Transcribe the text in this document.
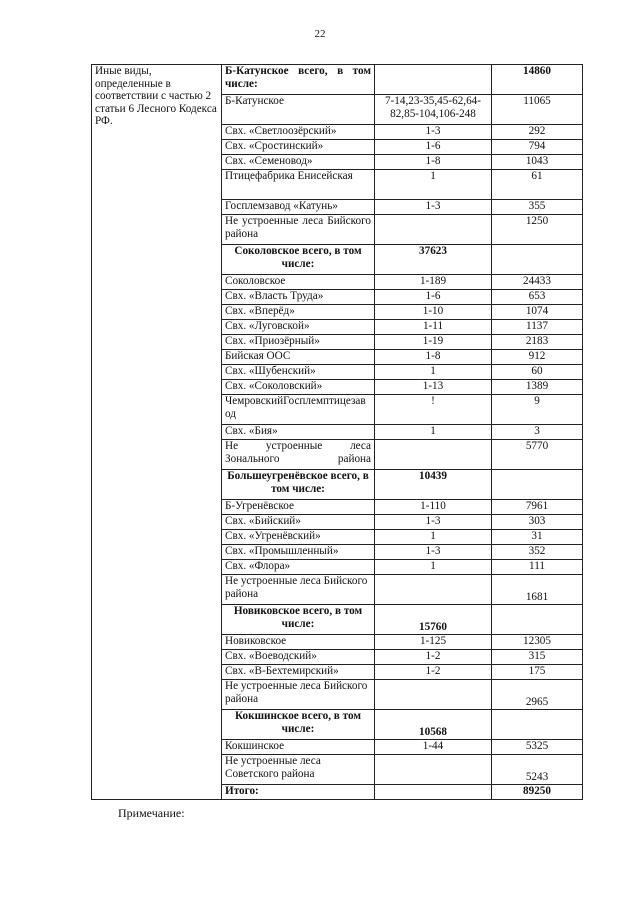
22
Иные виды, определенные в соответствии с частью 2 статьи 6 Лесного Кодекса РФ.	Б-Катунское всего, в том числе:		14860
	Б-Катунское	7-14,23-35,45-62,64-82,85-104,106-248	11065
	Свх. «Светлоозёрский»	1-3	292
	Свх. «Сростинский»	1-6	794
	Свх. «Семеновод»	1-8	1043
	Птицефабрика Енисейская	1	61
	Госплемзавод «Катунь»	1-3	355
	Не устроенные леса Бийского района		1250
	Соколовское всего, в том числе:	37623	
	Соколовское	1-189	24433
	Свх. «Власть Труда»	1-6	653
	Свх. «Вперёд»	1-10	1074
	Свх. «Луговской»	1-11	1137
	Свх. «Приозёрный»	1-19	2183
	Бийская ООС	1-8	912
	Свх. «Шубенский»	1	60
	Свх. «Соколовский»	1-13	1389
	ЧемровскийГосплемптицезавод	!	9
	Свх. «Бия»	1	3
	Не устроенные леса Зонального района		5770
	Большеугренёвское всего, в том числе:	10439	
	Б-Угренёвское	1-110	7961
	Свх. «Бийский»	1-3	303
	Свх. «Угренёвский»	1	31
	Свх. «Промышленный»	1-3	352
	Свх. «Флора»	1	111
	Не устроенные леса Бийского района		1681
	Новиковское всего, в том числе:	15760	
	Новиковское	1-125	12305
	Свх. «Воеводский»	1-2	315
	Свх. «В-Бехтемирский»	1-2	175
	Не устроенные леса Бийского района		2965
	Кокшинское всего, в том числе:	10568	
	Кокшинское	1-44	5325
	Не устроенные леса Советского района		5243
	Итого:		89250
Примечание:
